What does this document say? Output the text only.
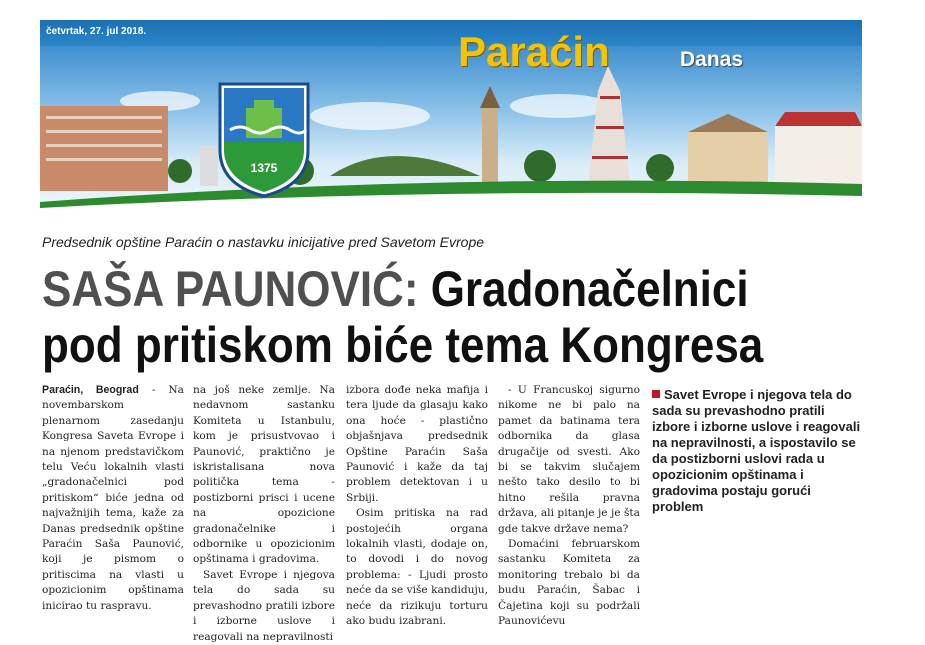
četvrtak, 27. jul 2018.	Paraćin	Danas
1375
Predsednik opštine Paraćin o nastavku inicijative pred Savetom Evrope
SAŠA PAUNOVIĆ: Gradonačelnici
pod pritiskom biće tema Kongresa

Paraćin, Beograd - Na novembarskom plenarnom zasedanju Kongresa Saveta Evrope i na njenom predstavičkom telu Veću lokalnih vlasti „gradonačelnici pod pritiskom“ biće jedna od najvažnijih tema, kaže za Danas predsednik opštine Paraćin Saša Paunović, koji je pismom o pritiscima na vlasti u opozicionim opštinama inicirao tu raspravu.

na još neke zemlje. Na nedavnom sastanku Komiteta u Istanbulu, kom je prisustvovao i Paunović, praktično je iskristalisana nova politička tema - postizborni prisci i ucene na opozicione gradonačelnike i odbornike u opozicionim opštinama i gradovima.

Savet Evrope i njegova tela do sada su prevashodno pratili izbore i izborne uslove i reagovali na nepravilnosti

izbora dođe neka mafija i tera ljude da glasaju kako ona hoće - plastično objašnjava predsednik Opštine Paraćin Saša Paunović i kaže da taj problem detektovan i u Srbiji.

Osim pritiska na rad postojećih organa lokalnih vlasti, dodaje on, to dovodi i do novog problema: - Ljudi prosto neće da se više kandiduju, neće da rizikuju torturu ako budu izabrani.

- U Francuskoj sigurno nikome ne bi palo na pamet da batinama tera odbornika da glasa drugačije od svesti. Ako bi se takvim slučajem nešto tako desilo to bi hitno rešila pravna država, ali pitanje je je šta gde takve države nema?

Domaćini februarskom sastanku Komiteta za monitoring trebalo bi da budu Paraćin, Šabac i Čajetina koji su podržali Paunovićevu

Savet Evrope i njegova tela do sada su prevashodno pratili izbore i izborne uslove i reagovali na nepravilnosti, a ispostavilo se da postizborni uslovi rada u opozicionim opštinama i gradovima postaju gorući problem
